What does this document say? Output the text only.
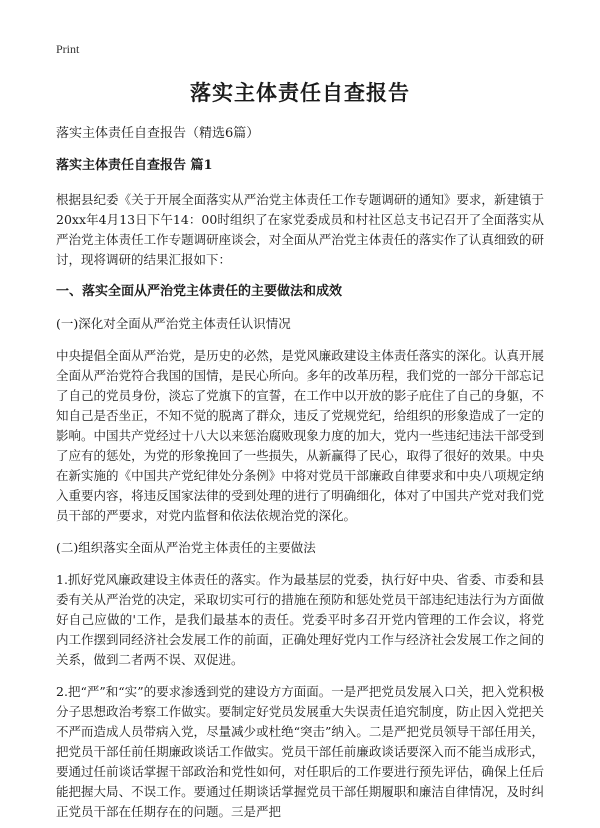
Print
落实主体责任自查报告
落实主体责任自查报告（精选6篇）
落实主体责任自查报告 篇1

根据县纪委《关于开展全面落实从严治党主体责任工作专题调研的通知》要求，新建镇于20xx年4月13日下午14：00时组织了在家党委成员和村社区总支书记召开了全面落实从严治党主体责任工作专题调研座谈会，对全面从严治党主体责任的落实作了认真细致的研讨，现将调研的结果汇报如下：

一、落实全面从严治党主体责任的主要做法和成效
(一)深化对全面从严治党主体责任认识情况

中央提倡全面从严治党，是历史的必然，是党风廉政建设主体责任落实的深化。认真开展全面从严治党符合我国的国情，是民心所向。多年的改革历程，我们党的一部分干部忘记了自己的党员身份，淡忘了党旗下的宣誓，在工作中以开放的影子庇住了自己的身躯，不知自己是否坐正，不知不觉的脱离了群众，违反了党规党纪，给组织的形象造成了一定的影响。中国共产党经过十八大以来惩治腐败现象力度的加大，党内一些违纪违法干部受到了应有的惩处，为党的形象挽回了一些损失，从新赢得了民心，取得了很好的效果。中央在新实施的《中国共产党纪律处分条例》中将对党员干部廉政自律要求和中央八项规定纳入重要内容，将违反国家法律的受到处理的进行了明确细化，体对了中国共产党对我们党员干部的严要求，对党内监督和依法依规治党的深化。

(二)组织落实全面从严治党主体责任的主要做法

1.抓好党风廉政建设主体责任的落实。作为最基层的党委，执行好中央、省委、市委和县委有关从严治党的决定，采取切实可行的措施在预防和惩处党员干部违纪违法行为方面做好自己应做的'工作，是我们最基本的责任。党委平时多召开党内管理的工作会议，将党内工作摆到同经济社会发展工作的前面，正确处理好党内工作与经济社会发展工作之间的关系，做到二者两不误、双促进。

2.把“严”和“实”的要求渗透到党的建设方方面面。一是严把党员发展入口关，把入党积极分子思想政治考察工作做实。要制定好党员发展重大失误责任追究制度，防止因入党把关不严而造成人员带病入党，尽量减少或杜绝“突击”纳入。二是严把党员领导干部任用关，把党员干部任前任期廉政谈话工作做实。党员干部任前廉政谈话要深入而不能当成形式，要通过任前谈话掌握干部政治和党性如何，对任职后的工作要进行预先评估，确保上任后能把握大局、不误工作。要通过任期谈话掌握党员干部任期履职和廉洁自律情况，及时纠正党员干部在任期存在的问题。三是严把
